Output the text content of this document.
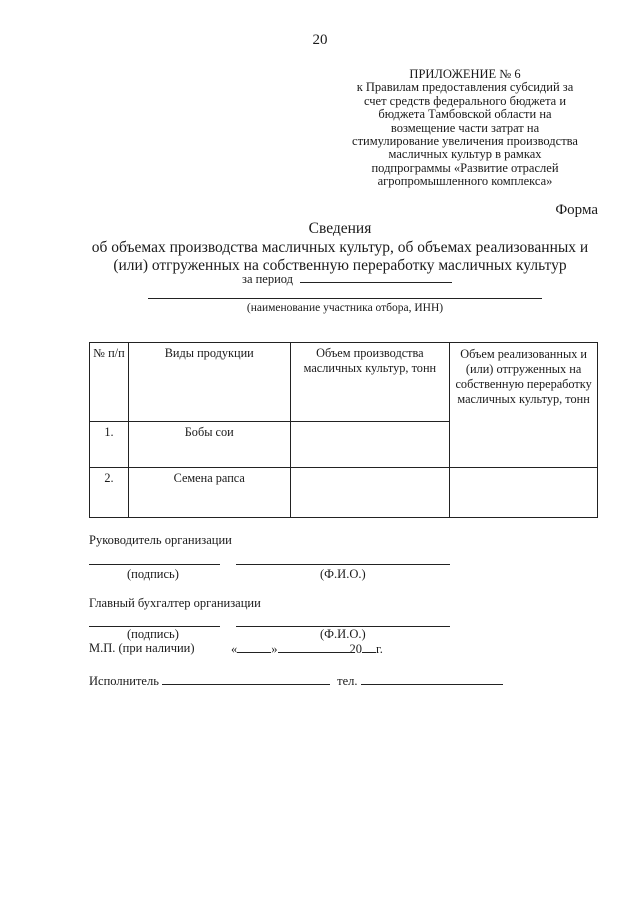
20
ПРИЛОЖЕНИЕ № 6
к Правилам предоставления субсидий за
счет средств федерального бюджета и
бюджета Тамбовской области на
возмещение части затрат на
стимулирование увеличения производства
масличных культур в рамках
подпрограммы «Развитие отраслей
агропромышленного комплекса»
Форма
Сведения
об объемах производства масличных культур, об объемах реализованных и
(или) отгруженных на собственную переработку масличных культур
за период
(наименование участника отбора, ИНН)
№ п/п	Виды продукции	Объем производства масличных культур, тонн	Объем реализованных и (или) отгруженных на собственную переработку масличных культур, тонн
1.	Бобы сои		
2.	Семена рапса		
Руководитель организации
(подпись)	(Ф.И.О.)
Главный бухгалтер организации
(подпись)	(Ф.И.О.)
М.П. (при наличии)	«	»	20 г.
Исполнитель	тел.
